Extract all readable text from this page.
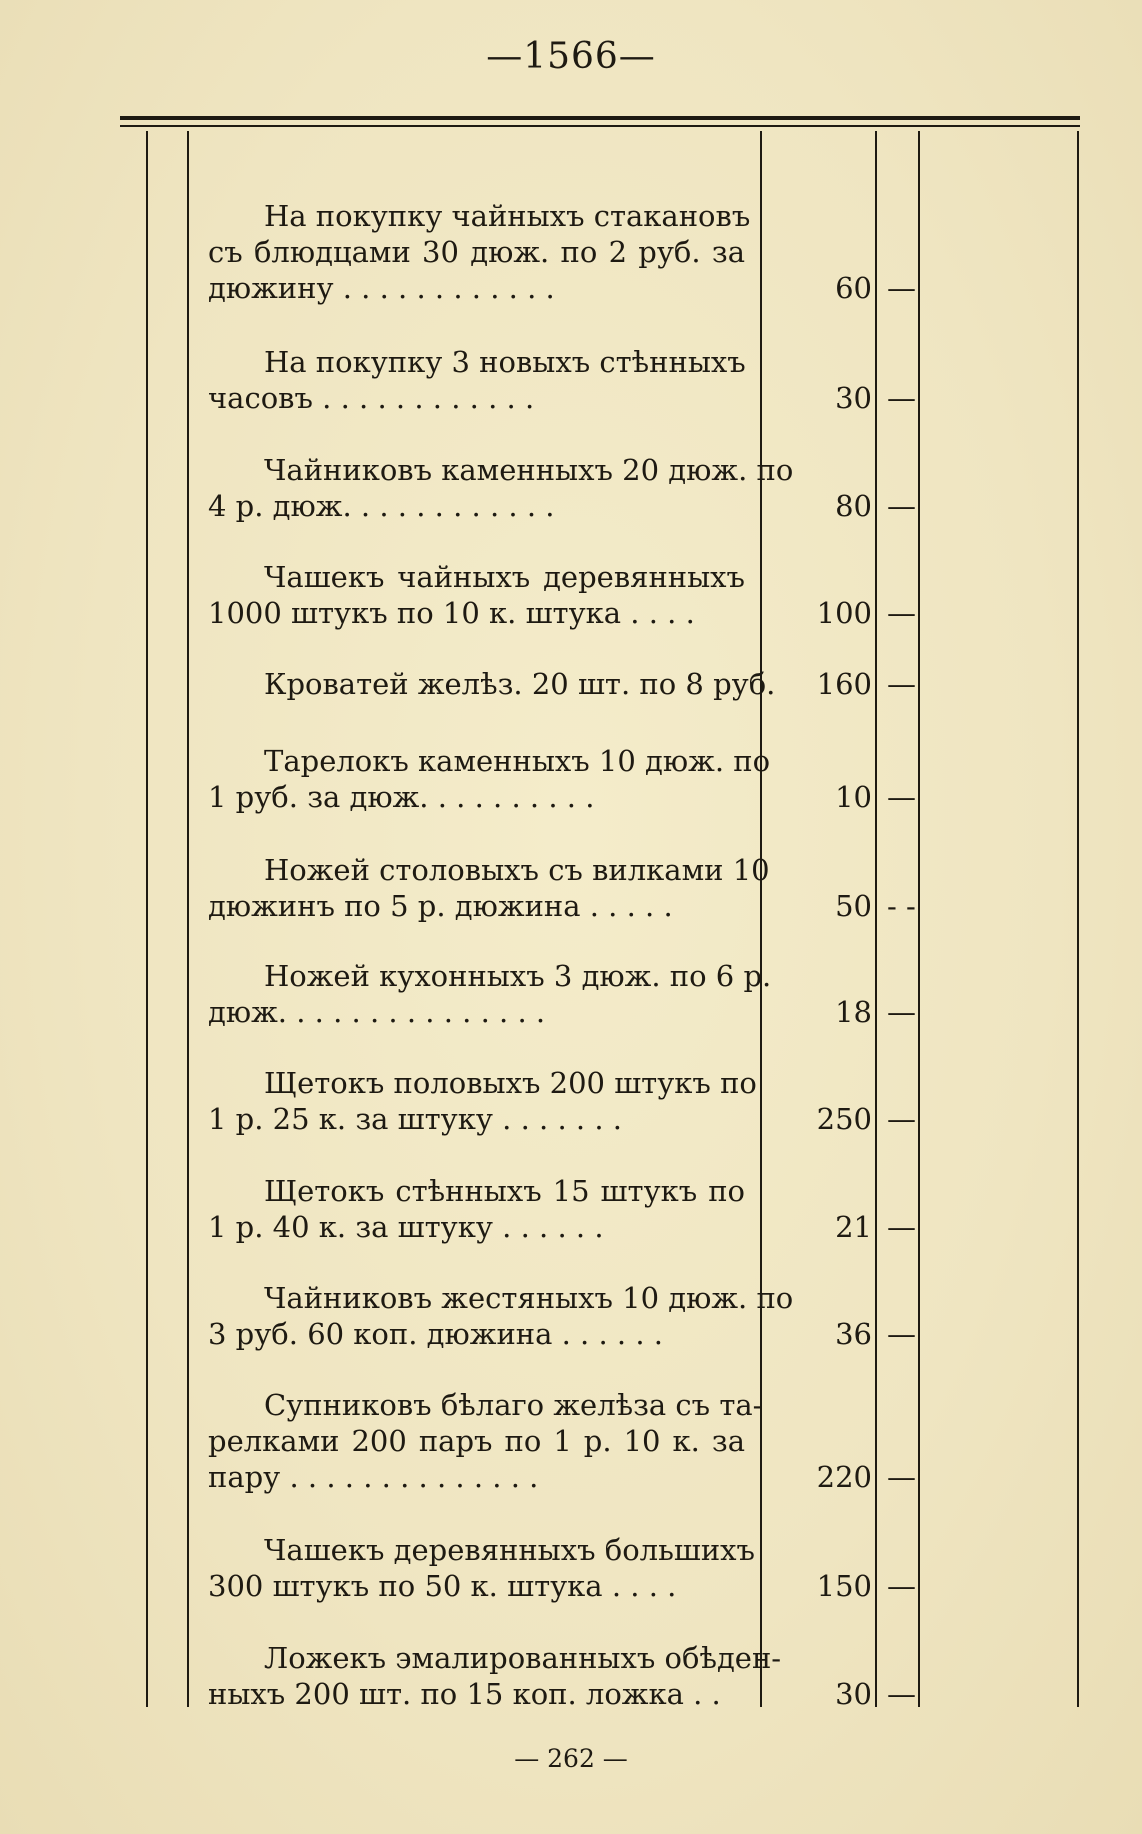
—1566—
На покупку чайныхъ стакановъ
съ блюдцами 30 дюж. по 2 руб. за
дюжину . . . . . . . . . . . .	60 —
На покупку 3 новыхъ стѣнныхъ
часовъ . . . . . . . . . . . .	30 —
Чайниковъ каменныхъ 20 дюж. по
4 р. дюж. . . . . . . . . . . .	80 —
Чашекъ чайныхъ деревянныхъ
1000 штукъ по 10 к. штука . . . .	100 —
Кроватей желѣз. 20 шт. по 8 руб.	160 —
Тарелокъ каменныхъ 10 дюж. по
1 руб. за дюж. . . . . . . . . .	10 —
Ножей столовыхъ съ вилками 10
дюжинъ по 5 р. дюжина . . . . .	50 - -
Ножей кухонныхъ 3 дюж. по 6 р.
дюж. . . . . . . . . . . . . . .	18 —
Щетокъ половыхъ 200 штукъ по
1 р. 25 к. за штуку . . . . . . .	250 —
Щетокъ стѣнныхъ 15 штукъ по
1 р. 40 к. за штуку . . . . . .	21 —
Чайниковъ жестяныхъ 10 дюж. по
3 руб. 60 коп. дюжина . . . . . .	36 —
Супниковъ бѣлаго желѣза съ та-
релками 200 паръ по 1 р. 10 к. за
пару . . . . . . . . . . . . . .	220 —
Чашекъ деревянныхъ большихъ
300 штукъ по 50 к. штука . . . .	150 —
Ложекъ эмалированныхъ обѣден-
ныхъ 200 шт. по 15 коп. ложка . .	30 —
— 262 —
